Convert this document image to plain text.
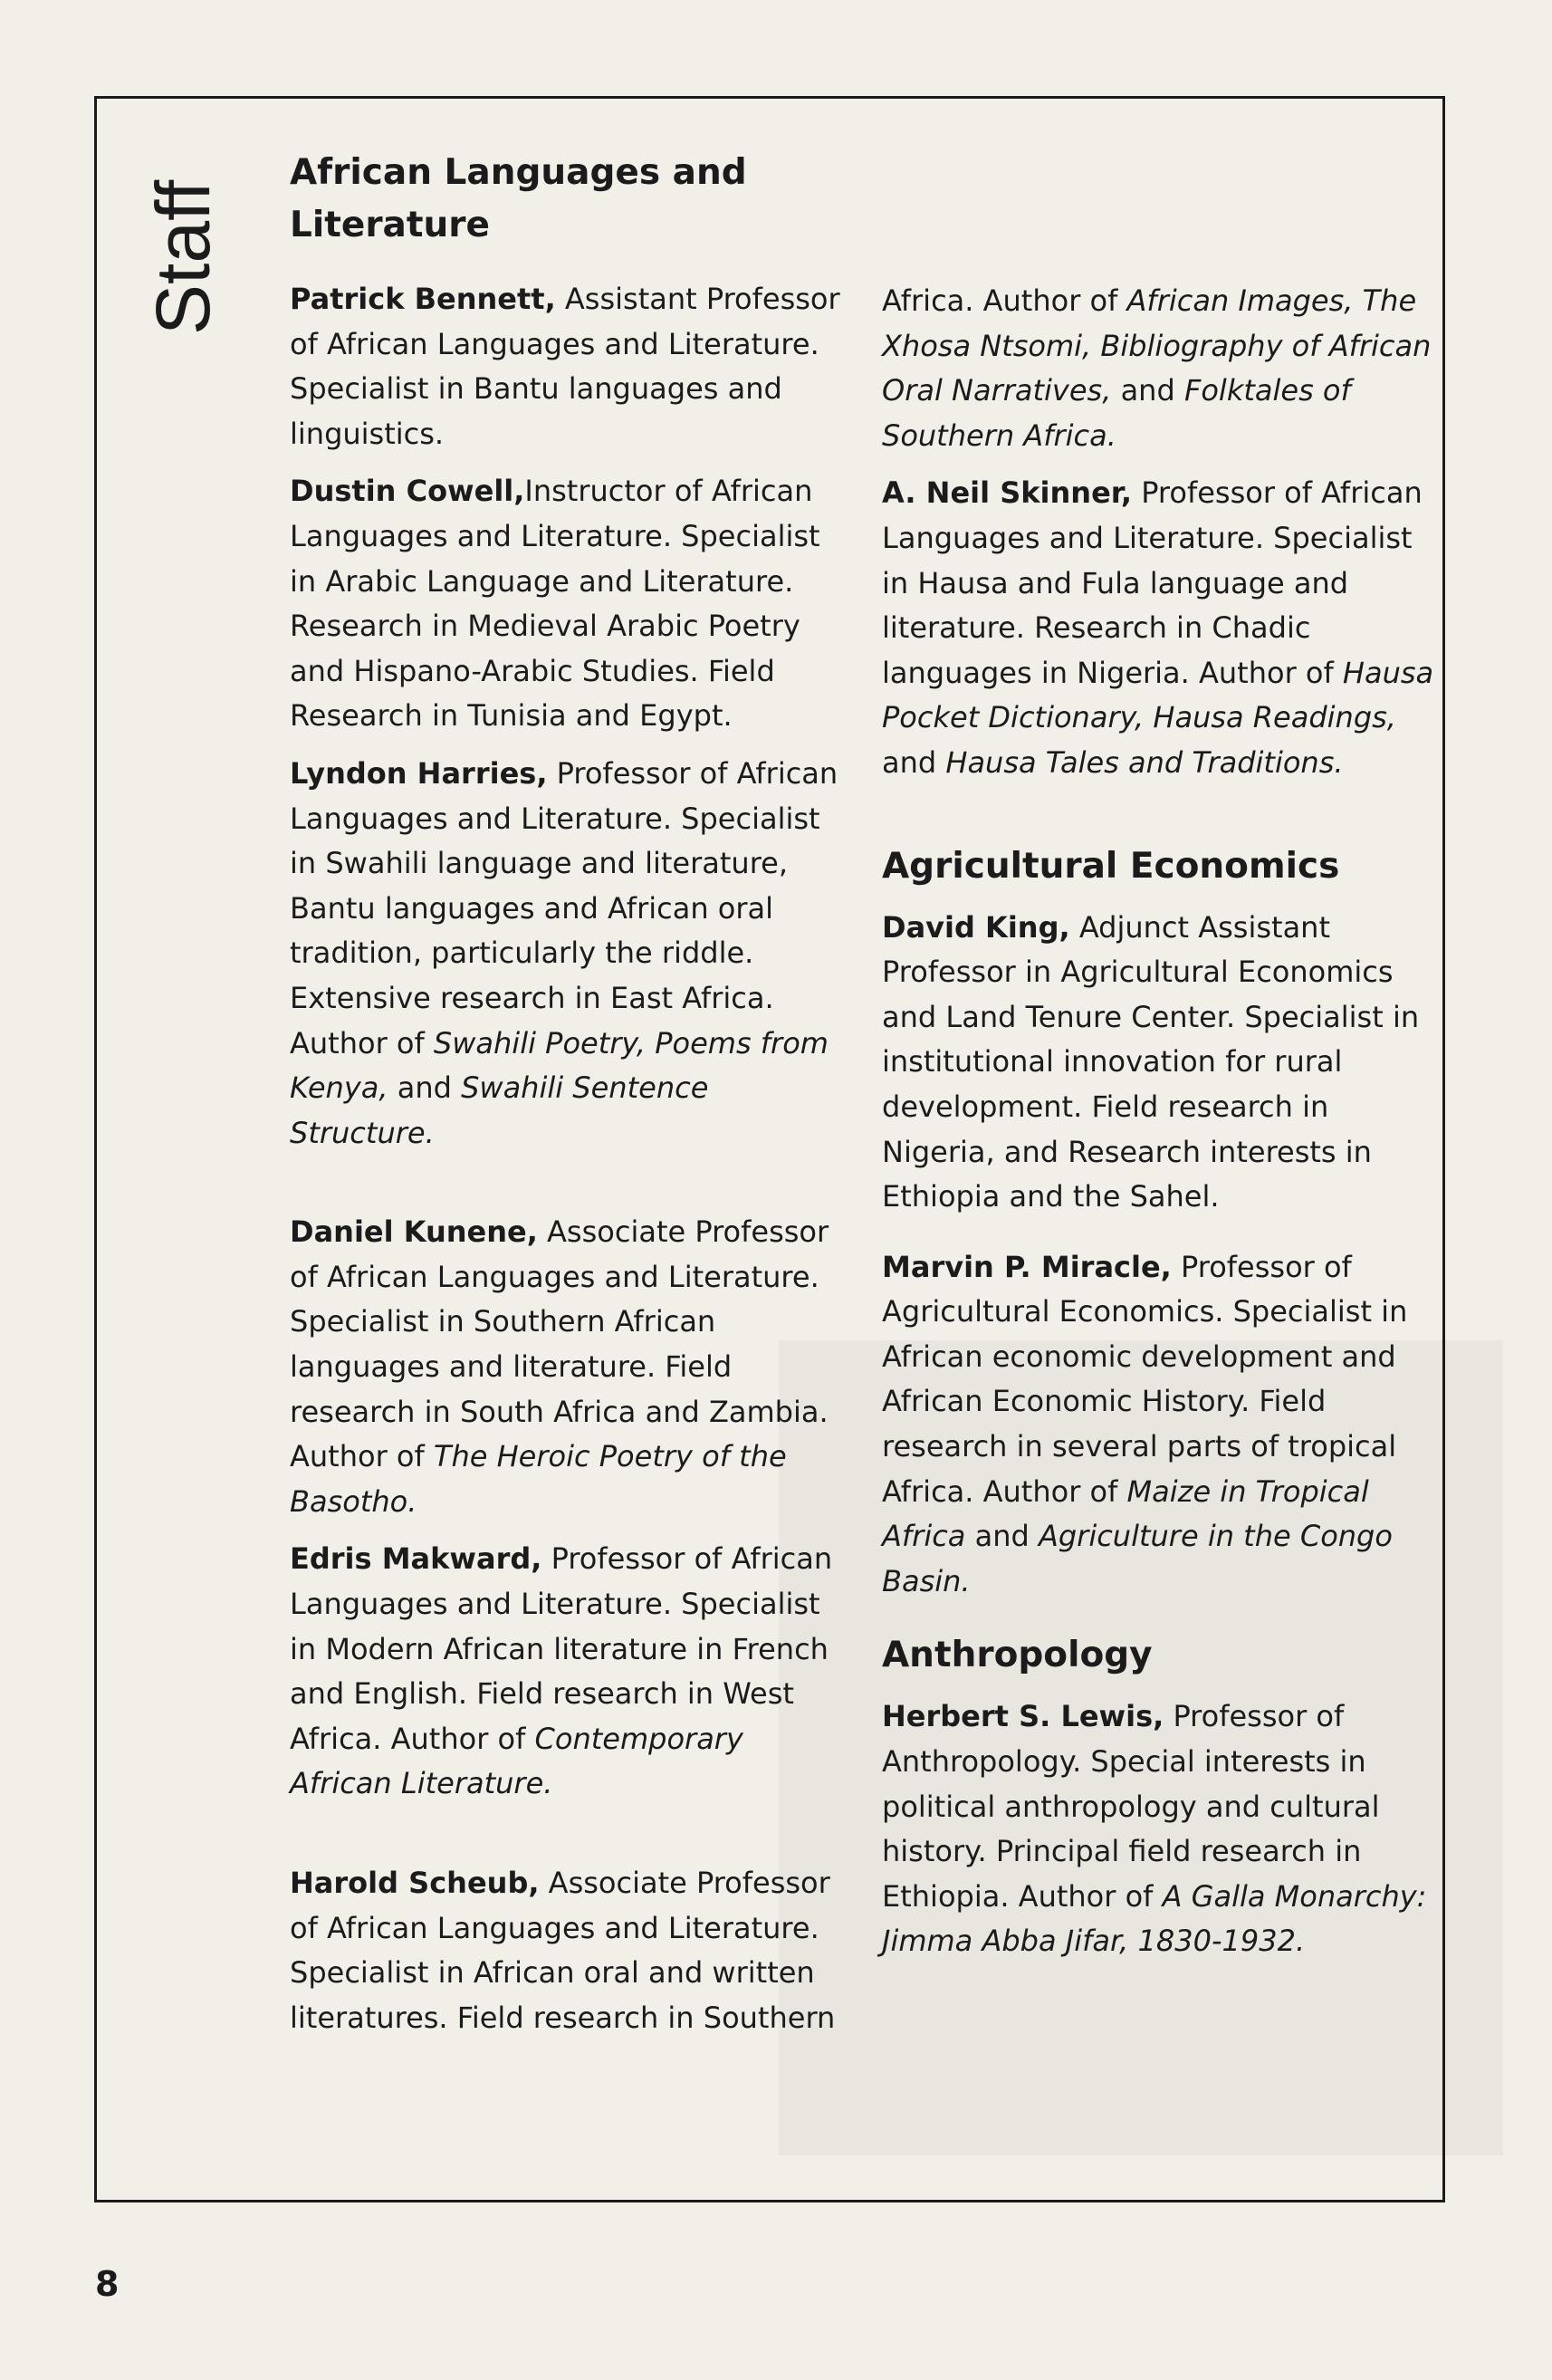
Staff
African Languages and Literature
Patrick Bennett, Assistant Professor of African Languages and Literature. Specialist in Bantu languages and linguistics.
Dustin Cowell,Instructor of African Languages and Literature. Specialist in Arabic Language and Literature. Research in Medieval Arabic Poetry and Hispano-Arabic Studies. Field Research in Tunisia and Egypt.
Lyndon Harries, Professor of African Languages and Literature. Specialist in Swahili language and literature, Bantu languages and African oral tradition, particularly the riddle. Extensive research in East Africa. Author of Swahili Poetry, Poems from Kenya, and Swahili Sentence Structure.
Daniel Kunene, Associate Professor of African Languages and Literature. Specialist in Southern African languages and literature. Field research in South Africa and Zambia. Author of The Heroic Poetry of the Basotho.
Edris Makward, Professor of African Languages and Literature. Specialist in Modern African literature in French and English. Field research in West Africa. Author of Contemporary African Literature.
Harold Scheub, Associate Professor of African Languages and Literature. Specialist in African oral and written literatures. Field research in Southern
Africa. Author of African Images, The Xhosa Ntsomi, Bibliography of African Oral Narratives, and Folktales of Southern Africa.
A. Neil Skinner, Professor of African Languages and Literature. Specialist in Hausa and Fula language and literature. Research in Chadic languages in Nigeria. Author of Hausa Pocket Dictionary, Hausa Readings, and Hausa Tales and Traditions.
Agricultural Economics
David King, Adjunct Assistant Professor in Agricultural Economics and Land Tenure Center. Specialist in institutional innovation for rural development. Field research in Nigeria, and Research interests in Ethiopia and the Sahel.
Marvin P. Miracle, Professor of Agricultural Economics. Specialist in African economic development and African Economic History. Field research in several parts of tropical Africa. Author of Maize in Tropical Africa and Agriculture in the Congo Basin.
Anthropology
Herbert S. Lewis, Professor of Anthropology. Special interests in political anthropology and cultural history. Principal field research in Ethiopia. Author of A Galla Monarchy: Jimma Abba Jifar, 1830-1932.
8
